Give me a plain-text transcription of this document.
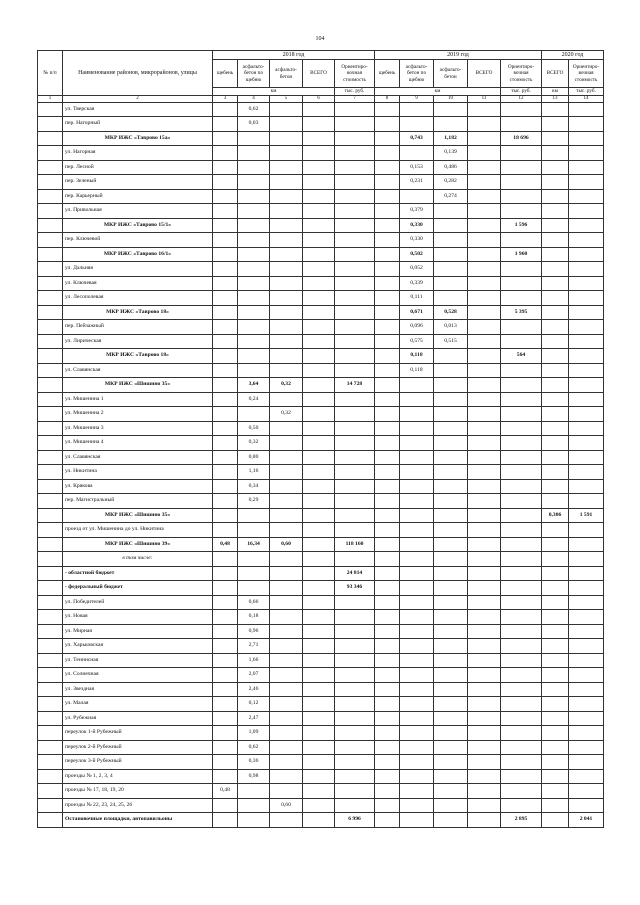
104
№ п/п	Наименование районов, микрорайонов, улицы	2018 год					2019 год					2020 год	
		щебень	асфальто-бетон по щебню	асфальто-бетон	ВСЕГО	Ориентиро-вочная стоимость	щебень	асфальто-бетон по щебню	асфальто-бетон	ВСЕГО	Ориентиро-вочная стоимость	ВСЕГО	Ориентиро-вочная стоимость
		км				тыс. руб.	км				тыс. руб.	км	тыс. руб.
1	2	3	4	5	6	7	8	9	10	11	12	13	14
	ул. Тверская		0,62										
	пер. Нагорный		0,03										
	МКР ИЖС «Таврово 15а»							0,743	1,182		18 696		
	ул. Нагорная								0,139				
	пер. Лесной							0,153	0,486				
	пер. Зеленый							0,231	0,282				
	пер. Карьерный								0,274				
	ул. Привольная							0,379					
	МКР ИЖС «Таврово 15/1»							0,330			1 596		
	пер. Ключевой							0,330					
	МКР ИЖС «Таврово 16/1»							0,502			1 960		
	ул. Дальняя							0,052					
	ул. Ключевая							0,339					
	ул. Лесополевая							0,111					
	МКР ИЖС «Таврово 18»							0,671	0,528		5 395		
	пер. Пейзажный							0,096	0,013				
	ул. Лирическая							0,575	0,515				
	МКР ИЖС «Таврово 18»							0,118			564		
	ул. Славянская							0,118					
	МКР ИЖС «Шишино 35»		3,64	0,32		14 728							
	ул. Мишенина 1		0,24										
	ул. Мишенина 2			0,32									
	ул. Мишенина 3		0,50										
	ул. Мишенина 4		0,32										
	ул. Славянская		0,80										
	ул. Никитина		1,16										
	ул. Крякова		0,34										
	пер. Магистральный		0,29										
	МКР ИЖС «Шишино 35»											0,306	1 591
	проезд от ул. Мишенина до ул. Никитина												
	МКР ИЖС «Шишино 39»	0,48	16,34	0,60		118 160							
	в том числе:												
	- областной бюджет					24 814							
	- федеральный бюджет					93 346							
	ул. Победителей		0,66										
	ул. Новая		0,18										
	ул. Мирная		0,96										
	ул. Харьковская		2,71										
	ул. Теннисная		1,66										
	ул. Солнечная		2,07										
	ул. Звездная		2,46										
	ул. Малая		0,12										
	ул. Рубежная		2,47										
	переулок 1-й Рубежный		1,09										
	переулок 2-й Рубежный		0,62										
	переулок 3-й Рубежный		0,36										
	проезды № 1, 2, 3, 4		0,98										
	проезды № 17, 18, 19, 20	0,48											
	проезды № 22, 23, 24, 25, 26			0,60									
	Остановочные площадки, автопавильоны					6 996					2 895		2 041
